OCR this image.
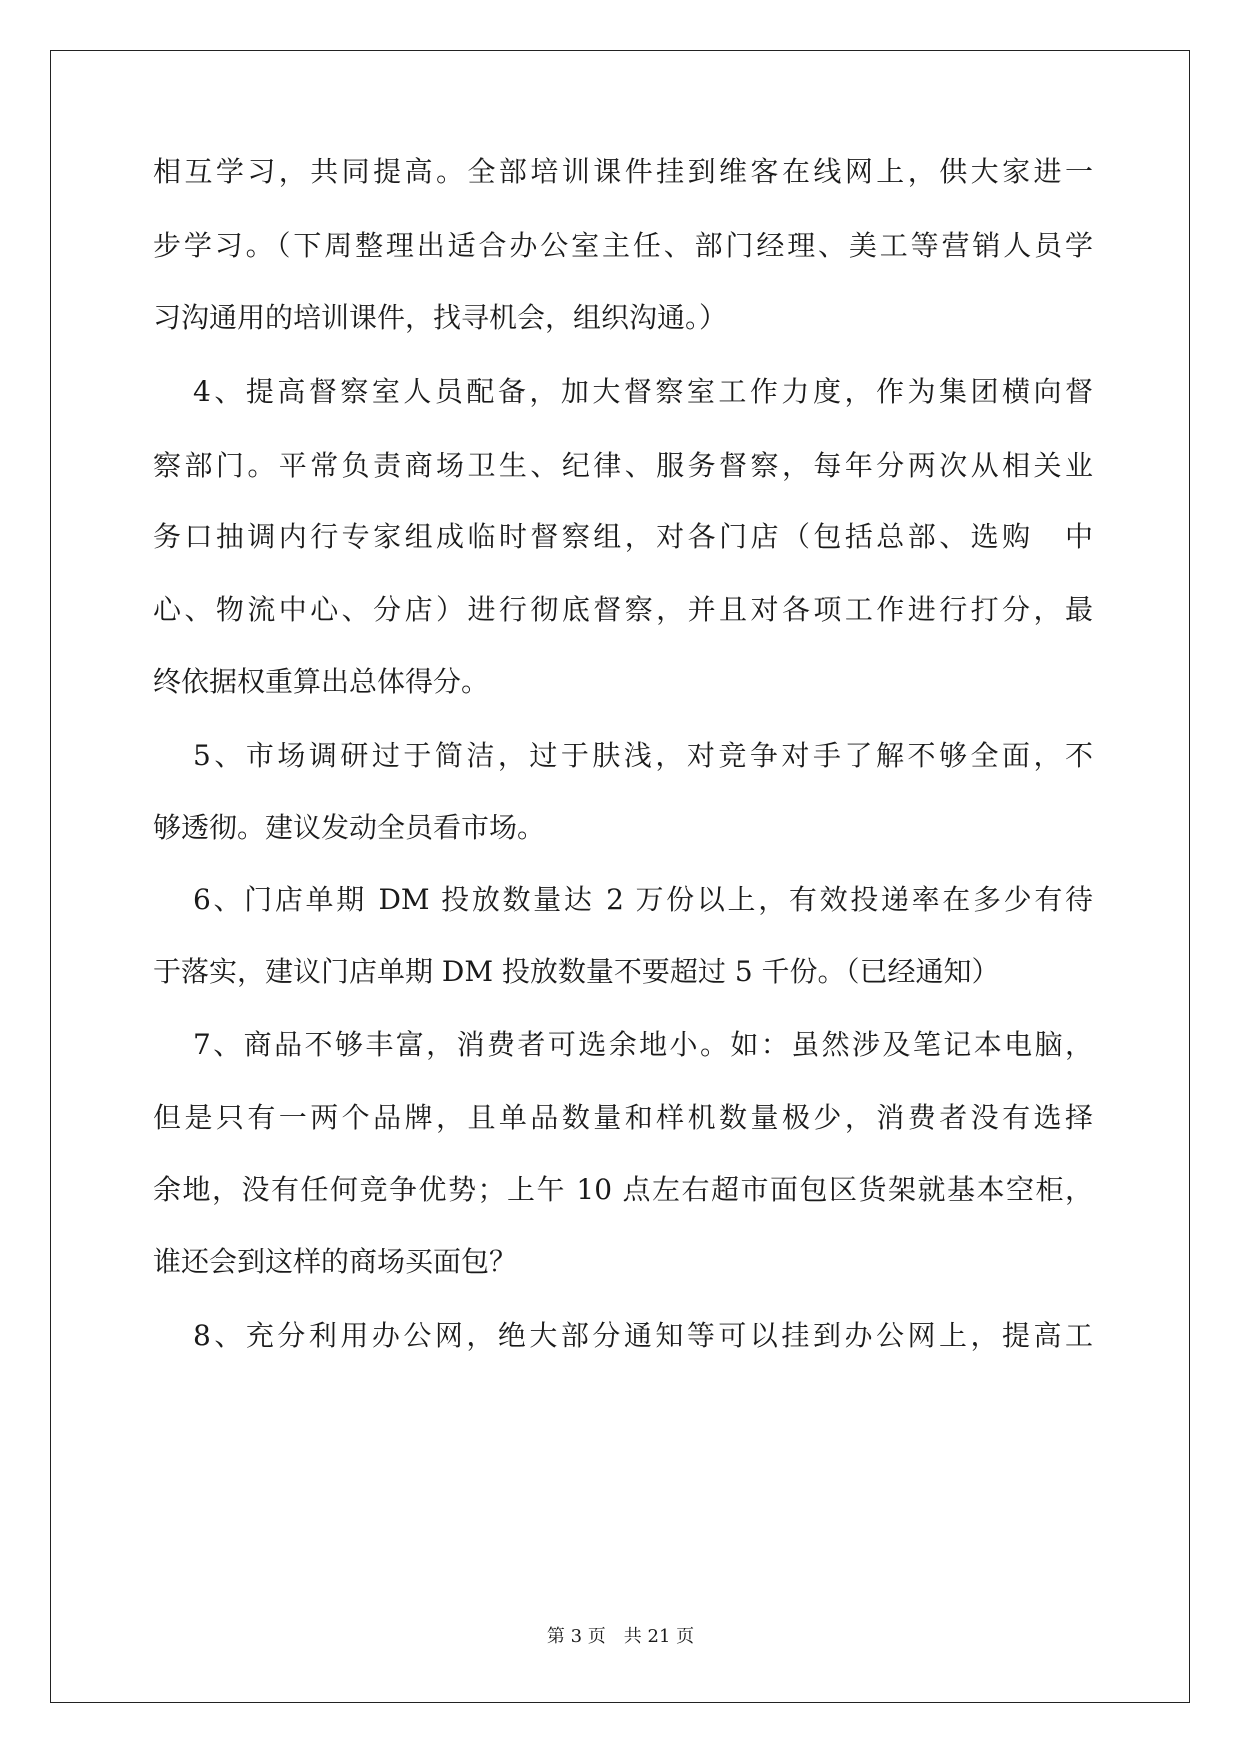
相互学习，共同提高。全部培训课件挂到维客在线网上，供大家进一
步学习。（下周整理出适合办公室主任、部门经理、美工等营销人员学
习沟通用的培训课件，找寻机会，组织沟通。）
4、提高督察室人员配备，加大督察室工作力度，作为集团横向督
察部门。平常负责商场卫生、纪律、服务督察，每年分两次从相关业
务口抽调内行专家组成临时督察组，对各门店（包括总部、选购　中
心、物流中心、分店）进行彻底督察，并且对各项工作进行打分，最
终依据权重算出总体得分。
5、市场调研过于简洁，过于肤浅，对竞争对手了解不够全面，不
够透彻。建议发动全员看市场。
6、门店单期 DM 投放数量达 2 万份以上，有效投递率在多少有待
于落实，建议门店单期 DM 投放数量不要超过 5 千份。（已经通知）
7、商品不够丰富，消费者可选余地小。如：虽然涉及笔记本电脑，
但是只有一两个品牌，且单品数量和样机数量极少，消费者没有选择
余地，没有任何竞争优势；上午 10 点左右超市面包区货架就基本空柜，
谁还会到这样的商场买面包？
8、充分利用办公网，绝大部分通知等可以挂到办公网上，提高工
第 3 页　共 21 页
